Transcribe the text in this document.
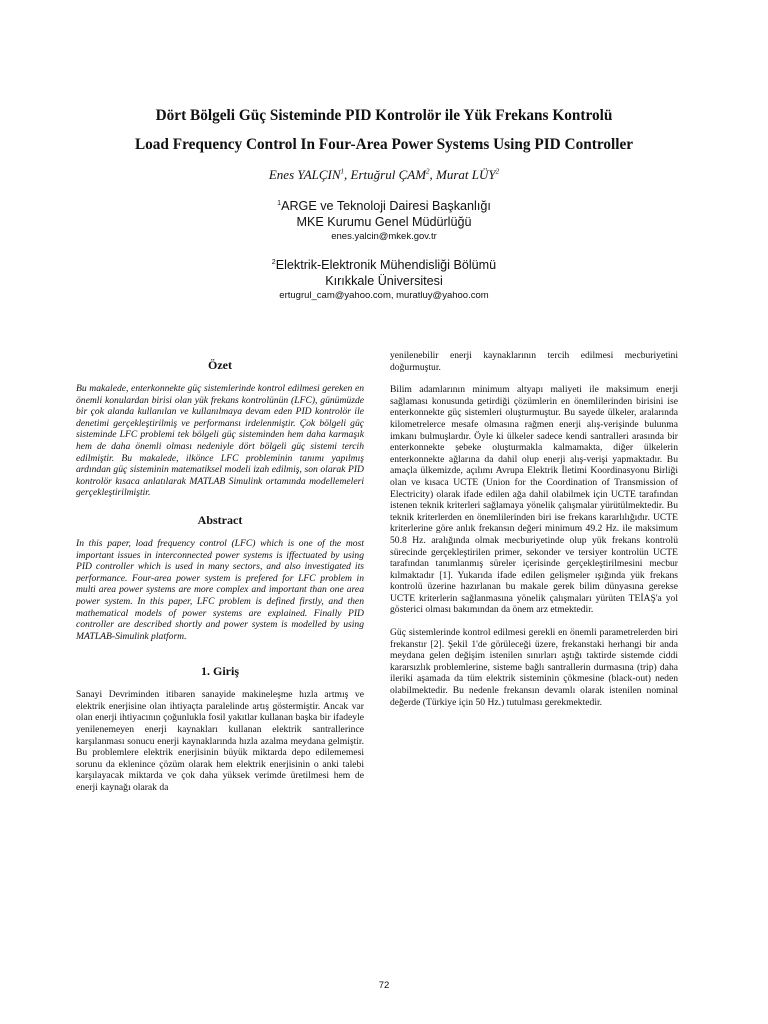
Dört Bölgeli Güç Sisteminde PID Kontrolör ile Yük Frekans Kontrolü
Load Frequency Control In Four-Area Power Systems Using PID Controller
Enes YALÇIN$^1$, Ertuğrul ÇAM$^2$, Murat LÜY$^2$
$^1$ARGE ve Teknoloji Dairesi Başkanlığı
MKE Kurumu Genel Müdürlüğü
enes.yalcin@mkek.gov.tr
$^2$Elektrik-Elektronik Mühendisliği Bölümü
Kırıkkale Üniversitesi
ertugrul_cam@yahoo.com, muratluy@yahoo.com
Özet

Bu makalede, enterkonnekte güç sistemlerinde kontrol edilmesi gereken en önemli konulardan birisi olan yük frekans kontrolünün (LFC), günümüzde bir çok alanda kullanılan ve kullanılmaya devam eden PID kontrolör ile denetimi gerçekleştirilmiş ve performansı irdelenmiştir. Çok bölgeli güç sisteminde LFC problemi tek bölgeli güç sisteminden hem daha karmaşık hem de daha önemli olması nedeniyle dört bölgeli güç sistemi tercih edilmiştir. Bu makalede, ilkönce LFC probleminin tanımı yapılmış ardından güç sisteminin matematiksel modeli izah edilmiş, son olarak PID kontrolör kısaca anlatılarak MATLAB Simulink ortamında modellemeleri gerçekleştirilmiştir.

Abstract

In this paper, load frequency control (LFC) which is one of the most important issues in interconnected power systems is iffectuated by using PID controller which is used in many sectors, and also investigated its performance. Four-area power system is prefered for LFC problem in multi area power systems are more complex and important than one area power system. In this paper, LFC problem is defined firstly, and then mathematical models of power systems are explained. Finally PID controller are described shortly and power system is modelled by using MATLAB-Simulink platform.

1. Giriş

Sanayi Devriminden itibaren sanayide makineleşme hızla artmış ve elektrik enerjisine olan ihtiyaçta paralelinde artış göstermiştir. Ancak var olan enerji ihtiyacının çoğunlukla fosil yakıtlar kullanan başka bir ifadeyle yenilenemeyen enerji kaynakları kullanan elektrik santrallerince karşılanması sonucu enerji kaynaklarında hızla azalma meydana gelmiştir. Bu problemlere elektrik enerjisinin büyük miktarda depo edilememesi sorunu da eklenince çözüm olarak hem elektrik enerjisinin o anki talebi karşılayacak miktarda ve çok daha yüksek verimde üretilmesi hem de enerji kaynağı olarak da

yenilenebilir enerji kaynaklarının tercih edilmesi mecburiyetini doğurmuştur.

Bilim adamlarının minimum altyapı maliyeti ile maksimum enerji sağlaması konusunda getirdiği çözümlerin en önemlilerinden birisini ise enterkonnekte güç sistemleri oluşturmuştur. Bu sayede ülkeler, aralarında kilometrelerce mesafe olmasına rağmen enerji alış-verişinde bulunma imkanı bulmuşlardır. Öyle ki ülkeler sadece kendi santralleri arasında bir enterkonnekte şebeke oluşturmakla kalmamakta, diğer ülkelerin enterkonnekte ağlarına da dahil olup enerji alış-verişi yapmaktadır. Bu amaçla ülkemizde, açılımı Avrupa Elektrik İletimi Koordinasyonu Birliği olan ve kısaca UCTE (Union for the Coordination of Transmission of Electricity) olarak ifade edilen ağa dahil olabilmek için UCTE tarafından istenen teknik kriterleri sağlamaya yönelik çalışmalar yürütülmektedir. Bu teknik kriterlerden en önemlilerinden biri ise frekans kararlılığıdır. UCTE kriterlerine göre anlık frekansın değeri minimum 49.2 Hz. ile maksimum 50.8 Hz. aralığında olmak mecburiyetinde olup yük frekans kontrolü sürecinde gerçekleştirilen primer, sekonder ve tersiyer kontrolün UCTE tarafından tanımlanmış süreler içerisinde gerçekleştirilmesini mecbur kılmaktadır [1]. Yukarıda ifade edilen gelişmeler ışığında yük frekans kontrolü üzerine hazırlanan bu makale gerek bilim dünyasına gerekse UCTE kriterlerin sağlanmasına yönelik çalışmaları yürüten TEİAŞ'a yol gösterici olması bakımından da önem arz etmektedir.

Güç sistemlerinde kontrol edilmesi gerekli en önemli parametrelerden biri frekanstır [2]. Şekil 1'de görüleceği üzere, frekanstaki herhangi bir anda meydana gelen değişim istenilen sınırları aştığı taktirde sistemde ciddi kararsızlık problemlerine, sisteme bağlı santrallerin durmasına (trip) daha ileriki aşamada da tüm elektrik sisteminin çökmesine (black-out) neden olabilmektedir. Bu nedenle frekansın devamlı olarak istenilen nominal değerde (Türkiye için 50 Hz.) tutulması gerekmektedir.

72
